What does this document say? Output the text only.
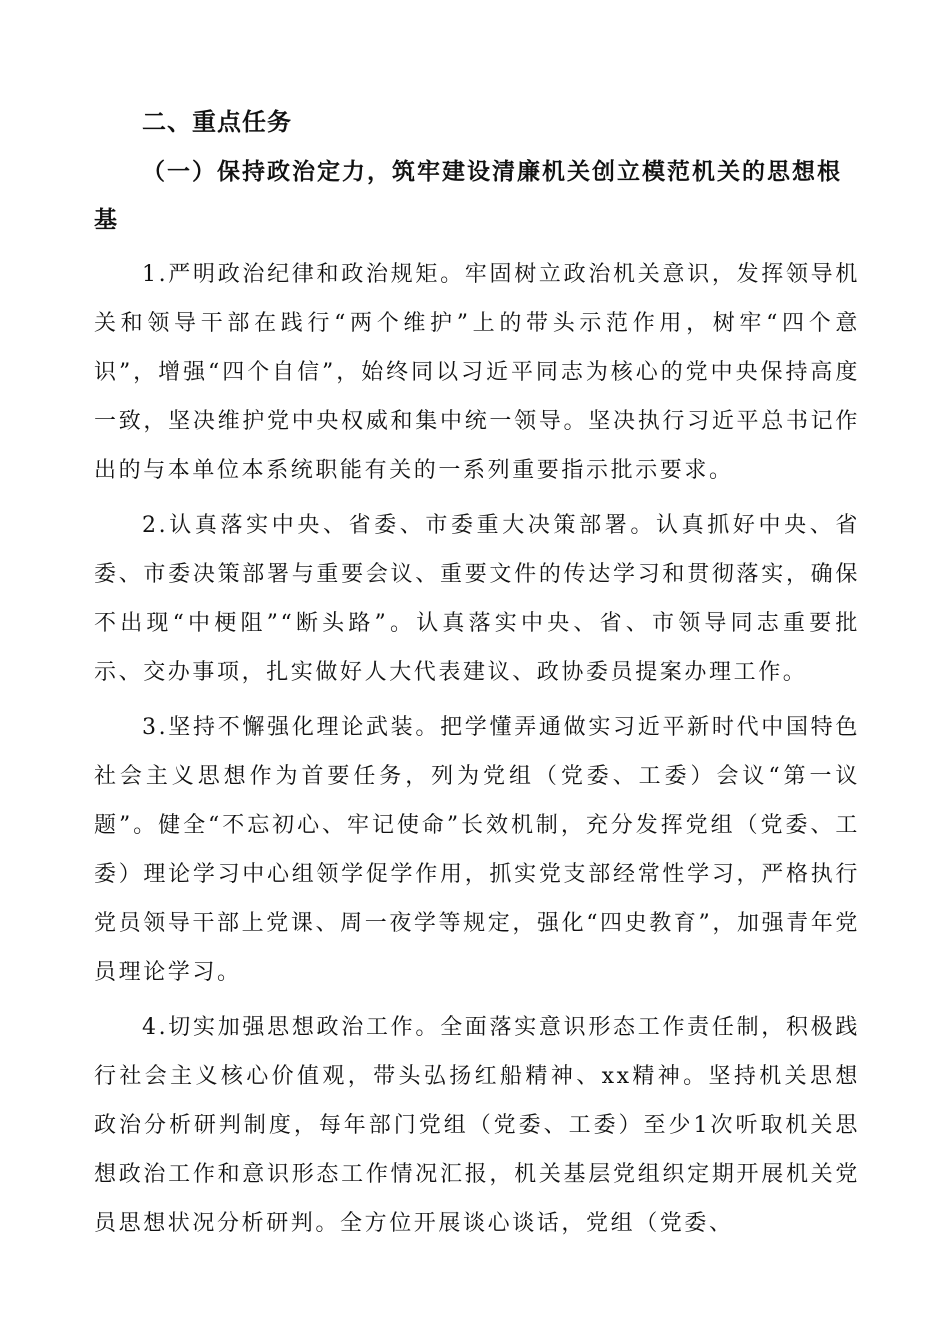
二、重点任务

（一）保持政治定力，筑牢建设清廉机关创立模范机关的思想根基

1.严明政治纪律和政治规矩。牢固树立政治机关意识，发挥领导机关和领导干部在践行“两个维护”上的带头示范作用，树牢“四个意识”，增强“四个自信”，始终同以习近平同志为核心的党中央保持高度一致，坚决维护党中央权威和集中统一领导。坚决执行习近平总书记作出的与本单位本系统职能有关的一系列重要指示批示要求。

2.认真落实中央、省委、市委重大决策部署。认真抓好中央、省委、市委决策部署与重要会议、重要文件的传达学习和贯彻落实，确保不出现“中梗阻”“断头路”。认真落实中央、省、市领导同志重要批示、交办事项，扎实做好人大代表建议、政协委员提案办理工作。

3.坚持不懈强化理论武装。把学懂弄通做实习近平新时代中国特色社会主义思想作为首要任务，列为党组（党委、工委）会议“第一议题”。健全“不忘初心、牢记使命”长效机制，充分发挥党组（党委、工委）理论学习中心组领学促学作用，抓实党支部经常性学习，严格执行党员领导干部上党课、周一夜学等规定，强化“四史教育”，加强青年党员理论学习。

4.切实加强思想政治工作。全面落实意识形态工作责任制，积极践行社会主义核心价值观，带头弘扬红船精神、xx精神。坚持机关思想政治分析研判制度，每年部门党组（党委、工委）至少1次听取机关思想政治工作和意识形态工作情况汇报，机关基层党组织定期开展机关党员思想状况分析研判。全方位开展谈心谈话，党组（党委、
